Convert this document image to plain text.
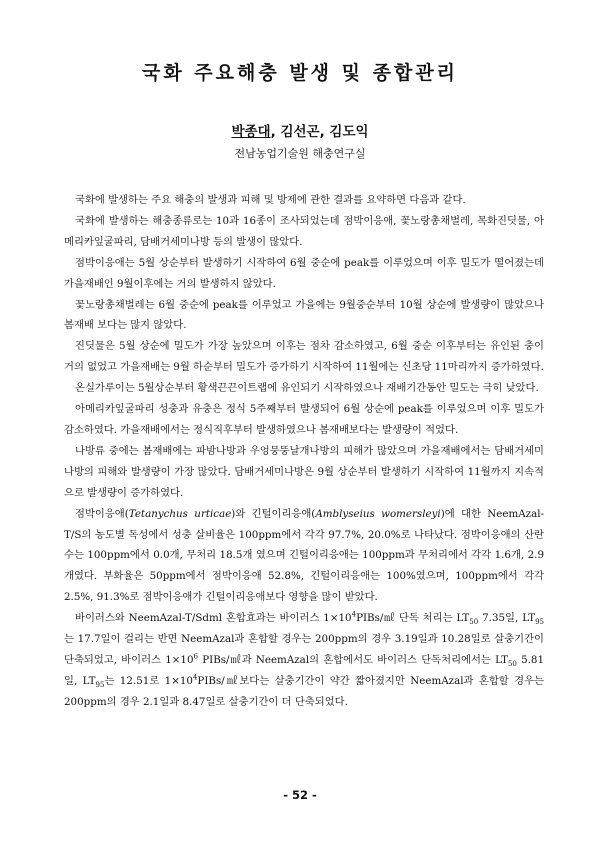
국화 주요해충 발생 및 종합관리

박종대, 김선곤, 김도익

전남농업기술원 해충연구실

국화에 발생하는 주요 해충의 발생과 피해 및 방제에 관한 결과를 요약하면 다음과 같다.

국화에 발생하는 해충종류로는 10과 16종이 조사되었는데 점박이응애, 꽃노랑총채벌레, 목화진딧물, 아메리카잎굴파리, 담배거세미나방 등의 발생이 많았다.

점박이응애는 5월 상순부터 발생하기 시작하여 6월 중순에 peak를 이루었으며 이후 밀도가 떨어졌는데 가을재배인 9월이후에는 거의 발생하지 않았다.

꽃노랑총채벌레는 6월 중순에 peak를 이루었고 가을에는 9월중순부터 10월 상순에 발생량이 많았으나 봄재배 보다는 많지 않았다.

진딧물은 5월 상순에 밀도가 가장 높았으며 이후는 점차 감소하였고, 6월 중순 이후부터는 유인된 충이 거의 없었고 가을재배는 9월 하순부터 밀도가 증가하기 시작하여 11월에는 신초당 11마리까지 증가하였다.

온실가루이는 5월상순부터 황색끈끈이트랩에 유인되기 시작하였으나 재배기간동안 밀도는 극히 낮았다.

아메리카잎굴파리 성충과 유충은 정식 5주째부터 발생되어 6월 상순에 peak를 이루었으며 이후 밀도가 감소하였다. 가을재배에서는 정식직후부터 발생하였으나 봄재배보다는 발생량이 적었다.

나방류 중에는 봄재배에는 파밤나방과 우엉뭉뚱날개나방의 피해가 많았으며 가을재배에서는 담배거세미나방의 피해와 발생량이 가장 많았다. 담배거세미나방은 9월 상순부터 발생하기 시작하여 11월까지 지속적으로 발생량이 증가하였다.

점박이응애(Tetanychus urticae)와 긴털이리응애(Amblyseius womersleyi)에 대한 NeemAzal-T/S의 농도별 독성에서 성충 살비율은 100ppm에서 각각 97.7%, 20.0%로 나타났다. 점박이응애의 산란수는 100ppm에서 0.0개, 무처리 18.5개 였으며 긴털이리응애는 100ppm과 무처리에서 각각 1.6개, 2.9개였다. 부화율은 50ppm에서 점박이응애 52.8%, 긴털이리응애는 100%였으며, 100ppm에서 각각 2.5%, 91.3%로 점박이응애가 긴털이리응애보다 영향을 많이 받았다.

바이러스와 NeemAzal-T/Sdml 혼합효과는 바이러스 $1\times 10^4PIBs/㎖$ 단독 처리는 $LT_{50}$ 7.35일, $LT_{95}$는 17.7일이 걸리는 반면 NeemAzal과 혼합할 경우는 200ppm의 경우 3.19일과 10.28일로 살충기간이 단축되었고, 바이러스 $1\times 10^6$ PIBs/㎖과 NeemAzal의 혼합에서도 바이러스 단독처리에서는 $LT_{50}$ 5.81일, $LT_{95}$는 12.51로 $1\times 10^4PIBs/㎖$보다는 살충기간이 약간 짧아졌지만 NeemAzal과 혼합할 경우는 200ppm의 경우 2.1일과 8.47일로 살충기간이 더 단축되었다.

- 52 -
